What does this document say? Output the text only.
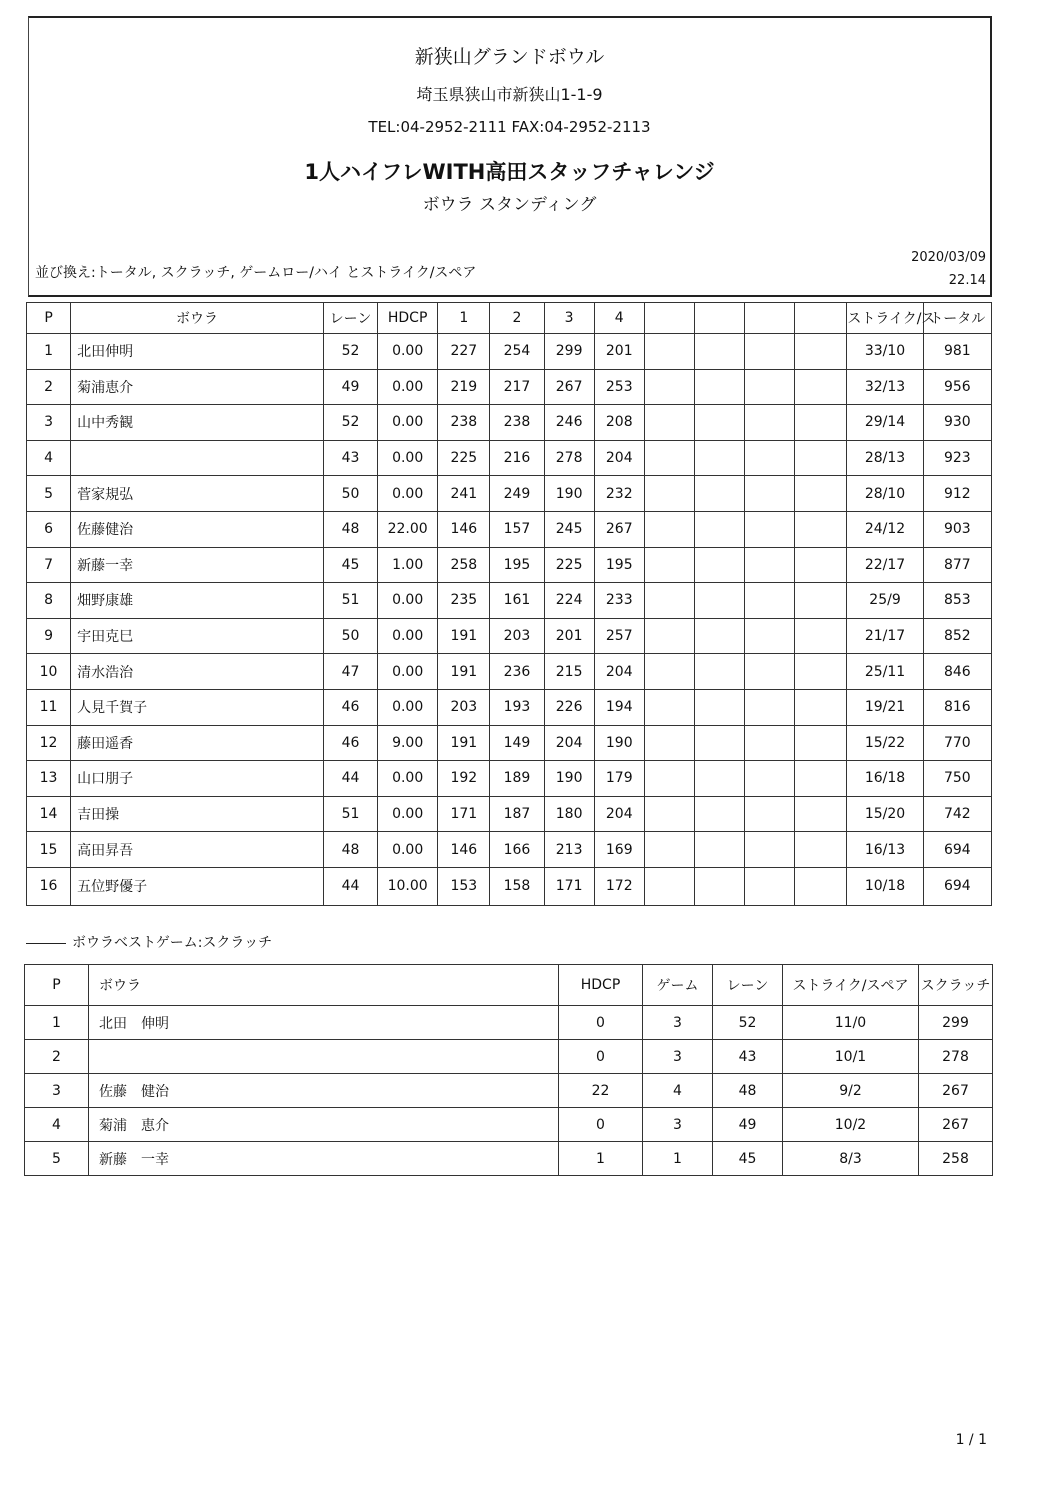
新狭山グランドボウル
埼玉県狭山市新狭山1-1-9
TEL:04-2952-2111 FAX:04-2952-2113
1人ハイフレWITH高田スタッフチャレンジ
ボウラ スタンディング
並び換え:トータル, スクラッチ, ゲームロー/ハイ とストライク/スペア
2020/03/09
22.14
P	ボウラ	レーン	HDCP	1	2	3	4					ストライク/ス	トータル
1	北田伸明	52	0.00	227	254	299	201					33/10	981
2	菊浦恵介	49	0.00	219	217	267	253					32/13	956
3	山中秀観	52	0.00	238	238	246	208					29/14	930
4		43	0.00	225	216	278	204					28/13	923
5	菅家規弘	50	0.00	241	249	190	232					28/10	912
6	佐藤健治	48	22.00	146	157	245	267					24/12	903
7	新藤一幸	45	1.00	258	195	225	195					22/17	877
8	畑野康雄	51	0.00	235	161	224	233					25/9	853
9	宇田克巳	50	0.00	191	203	201	257					21/17	852
10	清水浩治	47	0.00	191	236	215	204					25/11	846
11	人見千賀子	46	0.00	203	193	226	194					19/21	816
12	藤田遥香	46	9.00	191	149	204	190					15/22	770
13	山口朋子	44	0.00	192	189	190	179					16/18	750
14	吉田操	51	0.00	171	187	180	204					15/20	742
15	高田昇吾	48	0.00	146	166	213	169					16/13	694
16	五位野優子	44	10.00	153	158	171	172					10/18	694
ボウラベストゲーム:スクラッチ
P	ボウラ	HDCP	ゲーム	レーン	ストライク/スペア	スクラッチ
1	北田　伸明	0	3	52	11/0	299
2		0	3	43	10/1	278
3	佐藤　健治	22	4	48	9/2	267
4	菊浦　恵介	0	3	49	10/2	267
5	新藤　一幸	1	1	45	8/3	258
1 / 1
